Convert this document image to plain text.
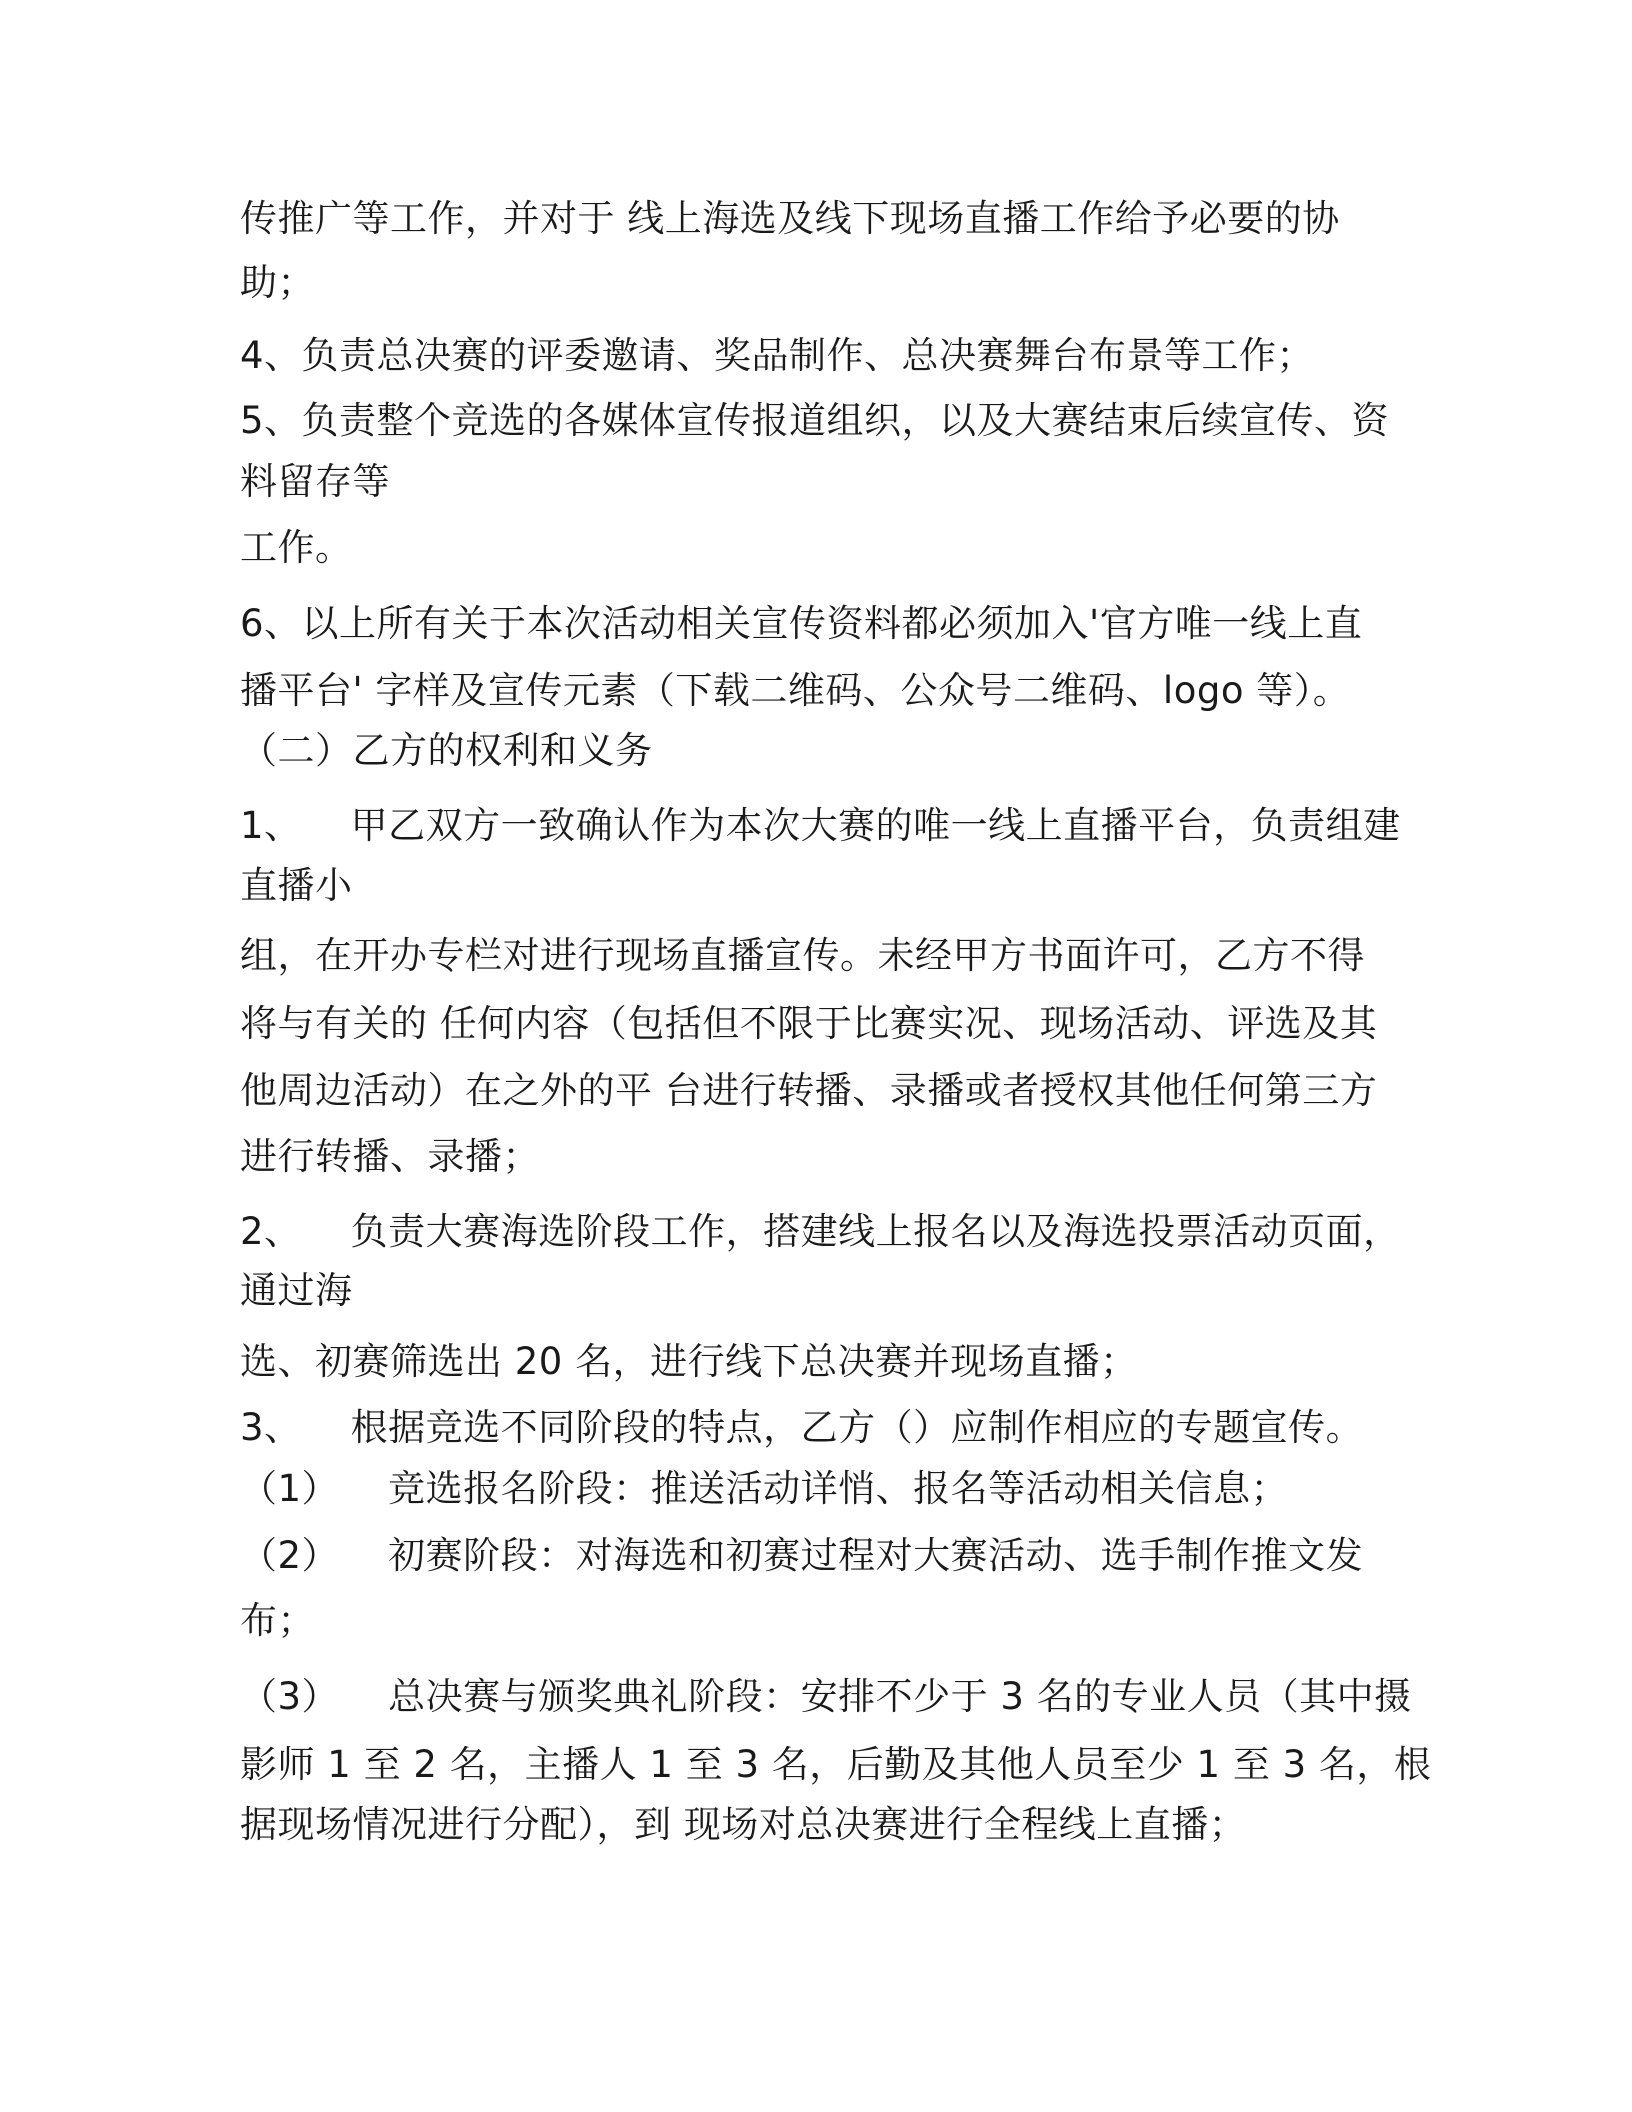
传推广等工作，并对于 线上海选及线下现场直播工作给予必要的协
助；
4、负责总决赛的评委邀请、奖品制作、总决赛舞台布景等工作；
5、负责整个竞选的各媒体宣传报道组织，以及大赛结束后续宣传、资
料留存等
工作。
6、以上所有关于本次活动相关宣传资料都必须加入'官方唯一线上直
播平台' 字样及宣传元素（下载二维码、公众号二维码、logo 等）。
（二）乙方的权利和义务
1、    甲乙双方一致确认作为本次大赛的唯一线上直播平台，负责组建
直播小
组，在开办专栏对进行现场直播宣传。未经甲方书面许可，乙方不得
将与有关的 任何内容（包括但不限于比赛实况、现场活动、评选及其
他周边活动）在之外的平 台进行转播、录播或者授权其他任何第三方
进行转播、录播；
2、    负责大赛海选阶段工作，搭建线上报名以及海选投票活动页面，
通过海
选、初赛筛选出 20 名，进行线下总决赛并现场直播；
3、    根据竞选不同阶段的特点，乙方（）应制作相应的专题宣传。
（1）    竞选报名阶段：推送活动详悄、报名等活动相关信息；
（2）    初赛阶段：对海选和初赛过程对大赛活动、选手制作推文发
布；
（3）    总决赛与颁奖典礼阶段：安排不少于 3 名的专业人员（其中摄
影师 1 至 2 名，主播人 1 至 3 名，后勤及其他人员至少 1 至 3 名，根
据现场情况进行分配），到 现场对总决赛进行全程线上直播；
